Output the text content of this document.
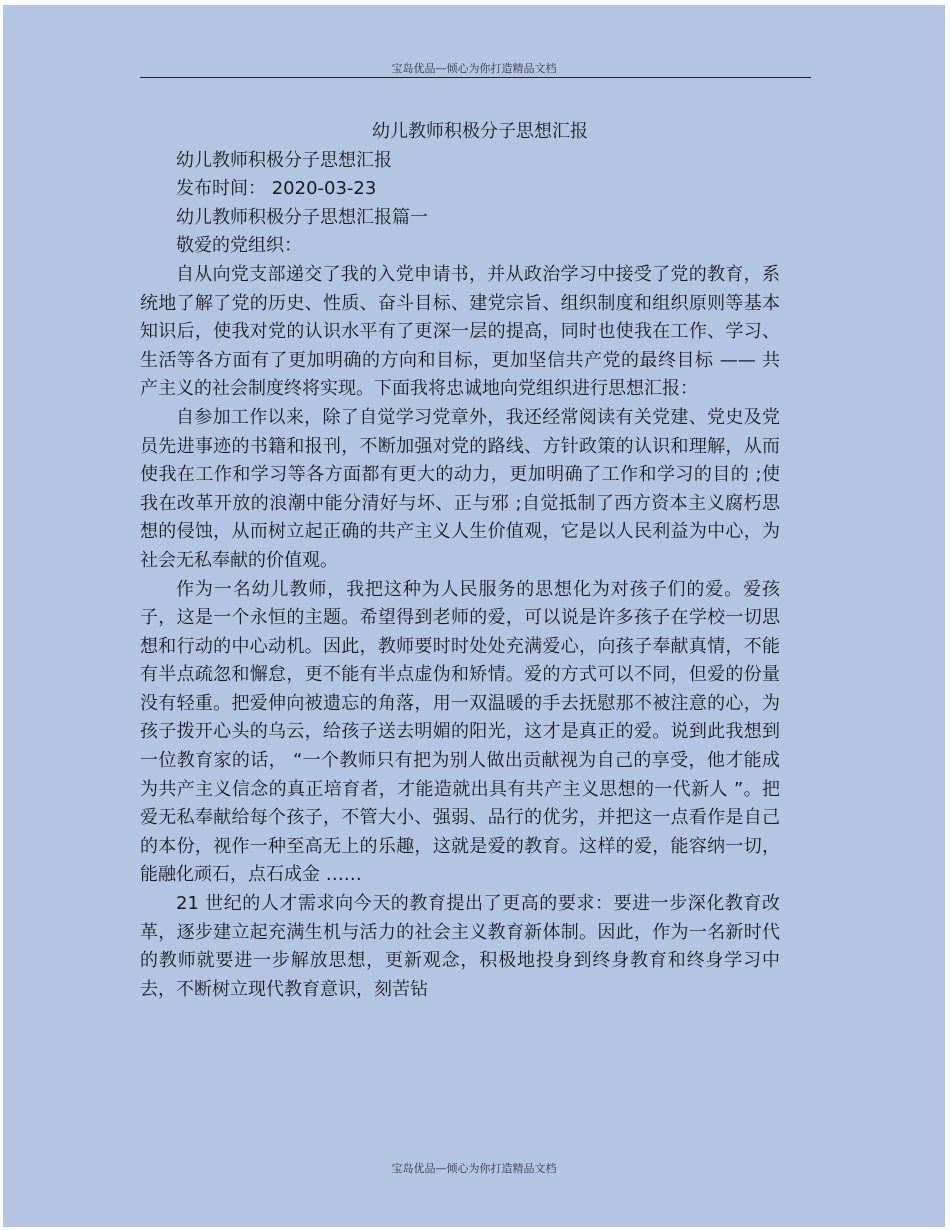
宝岛优品—倾心为你打造精品文档

幼儿教师积极分子思想汇报

幼儿教师积极分子思想汇报

发布时间： 2020-03-23

幼儿教师积极分子思想汇报篇一

敬爱的党组织：

自从向党支部递交了我的入党申请书，并从政治学习中接受了党的教育，系统地了解了党的历史、性质、奋斗目标、建党宗旨、组织制度和组织原则等基本知识后，使我对党的认识水平有了更深一层的提高，同时也使我在工作、学习、生活等各方面有了更加明确的方向和目标，更加坚信共产党的最终目标 —— 共产主义的社会制度终将实现。下面我将忠诚地向党组织进行思想汇报：

自参加工作以来，除了自觉学习党章外，我还经常阅读有关党建、党史及党员先进事迹的书籍和报刊，不断加强对党的路线、方针政策的认识和理解，从而使我在工作和学习等各方面都有更大的动力，更加明确了工作和学习的目的 ;使我在改革开放的浪潮中能分清好与坏、正与邪 ;自觉抵制了西方资本主义腐朽思想的侵蚀，从而树立起正确的共产主义人生价值观，它是以人民利益为中心，为社会无私奉献的价值观。

作为一名幼儿教师，我把这种为人民服务的思想化为对孩子们的爱。爱孩子，这是一个永恒的主题。希望得到老师的爱，可以说是许多孩子在学校一切思想和行动的中心动机。因此，教师要时时处处充满爱心，向孩子奉献真情，不能有半点疏忽和懈怠，更不能有半点虚伪和矫情。爱的方式可以不同，但爱的份量没有轻重。把爱伸向被遗忘的角落，用一双温暖的手去抚慰那不被注意的心，为孩子拨开心头的乌云，给孩子送去明媚的阳光，这才是真正的爱。说到此我想到一位教育家的话， “一个教师只有把为别人做出贡献视为自己的享受，他才能成为共产主义信念的真正培育者，才能造就出具有共产主义思想的一代新人 ”。把爱无私奉献给每个孩子，不管大小、强弱、品行的优劣，并把这一点看作是自己的本份，视作一种至高无上的乐趣，这就是爱的教育。这样的爱，能容纳一切，能融化顽石，点石成金 ……

21 世纪的人才需求向今天的教育提出了更高的要求：要进一步深化教育改革，逐步建立起充满生机与活力的社会主义教育新体制。因此，作为一名新时代的教师就要进一步解放思想，更新观念，积极地投身到终身教育和终身学习中去，不断树立现代教育意识，刻苦钻

宝岛优品—倾心为你打造精品文档
